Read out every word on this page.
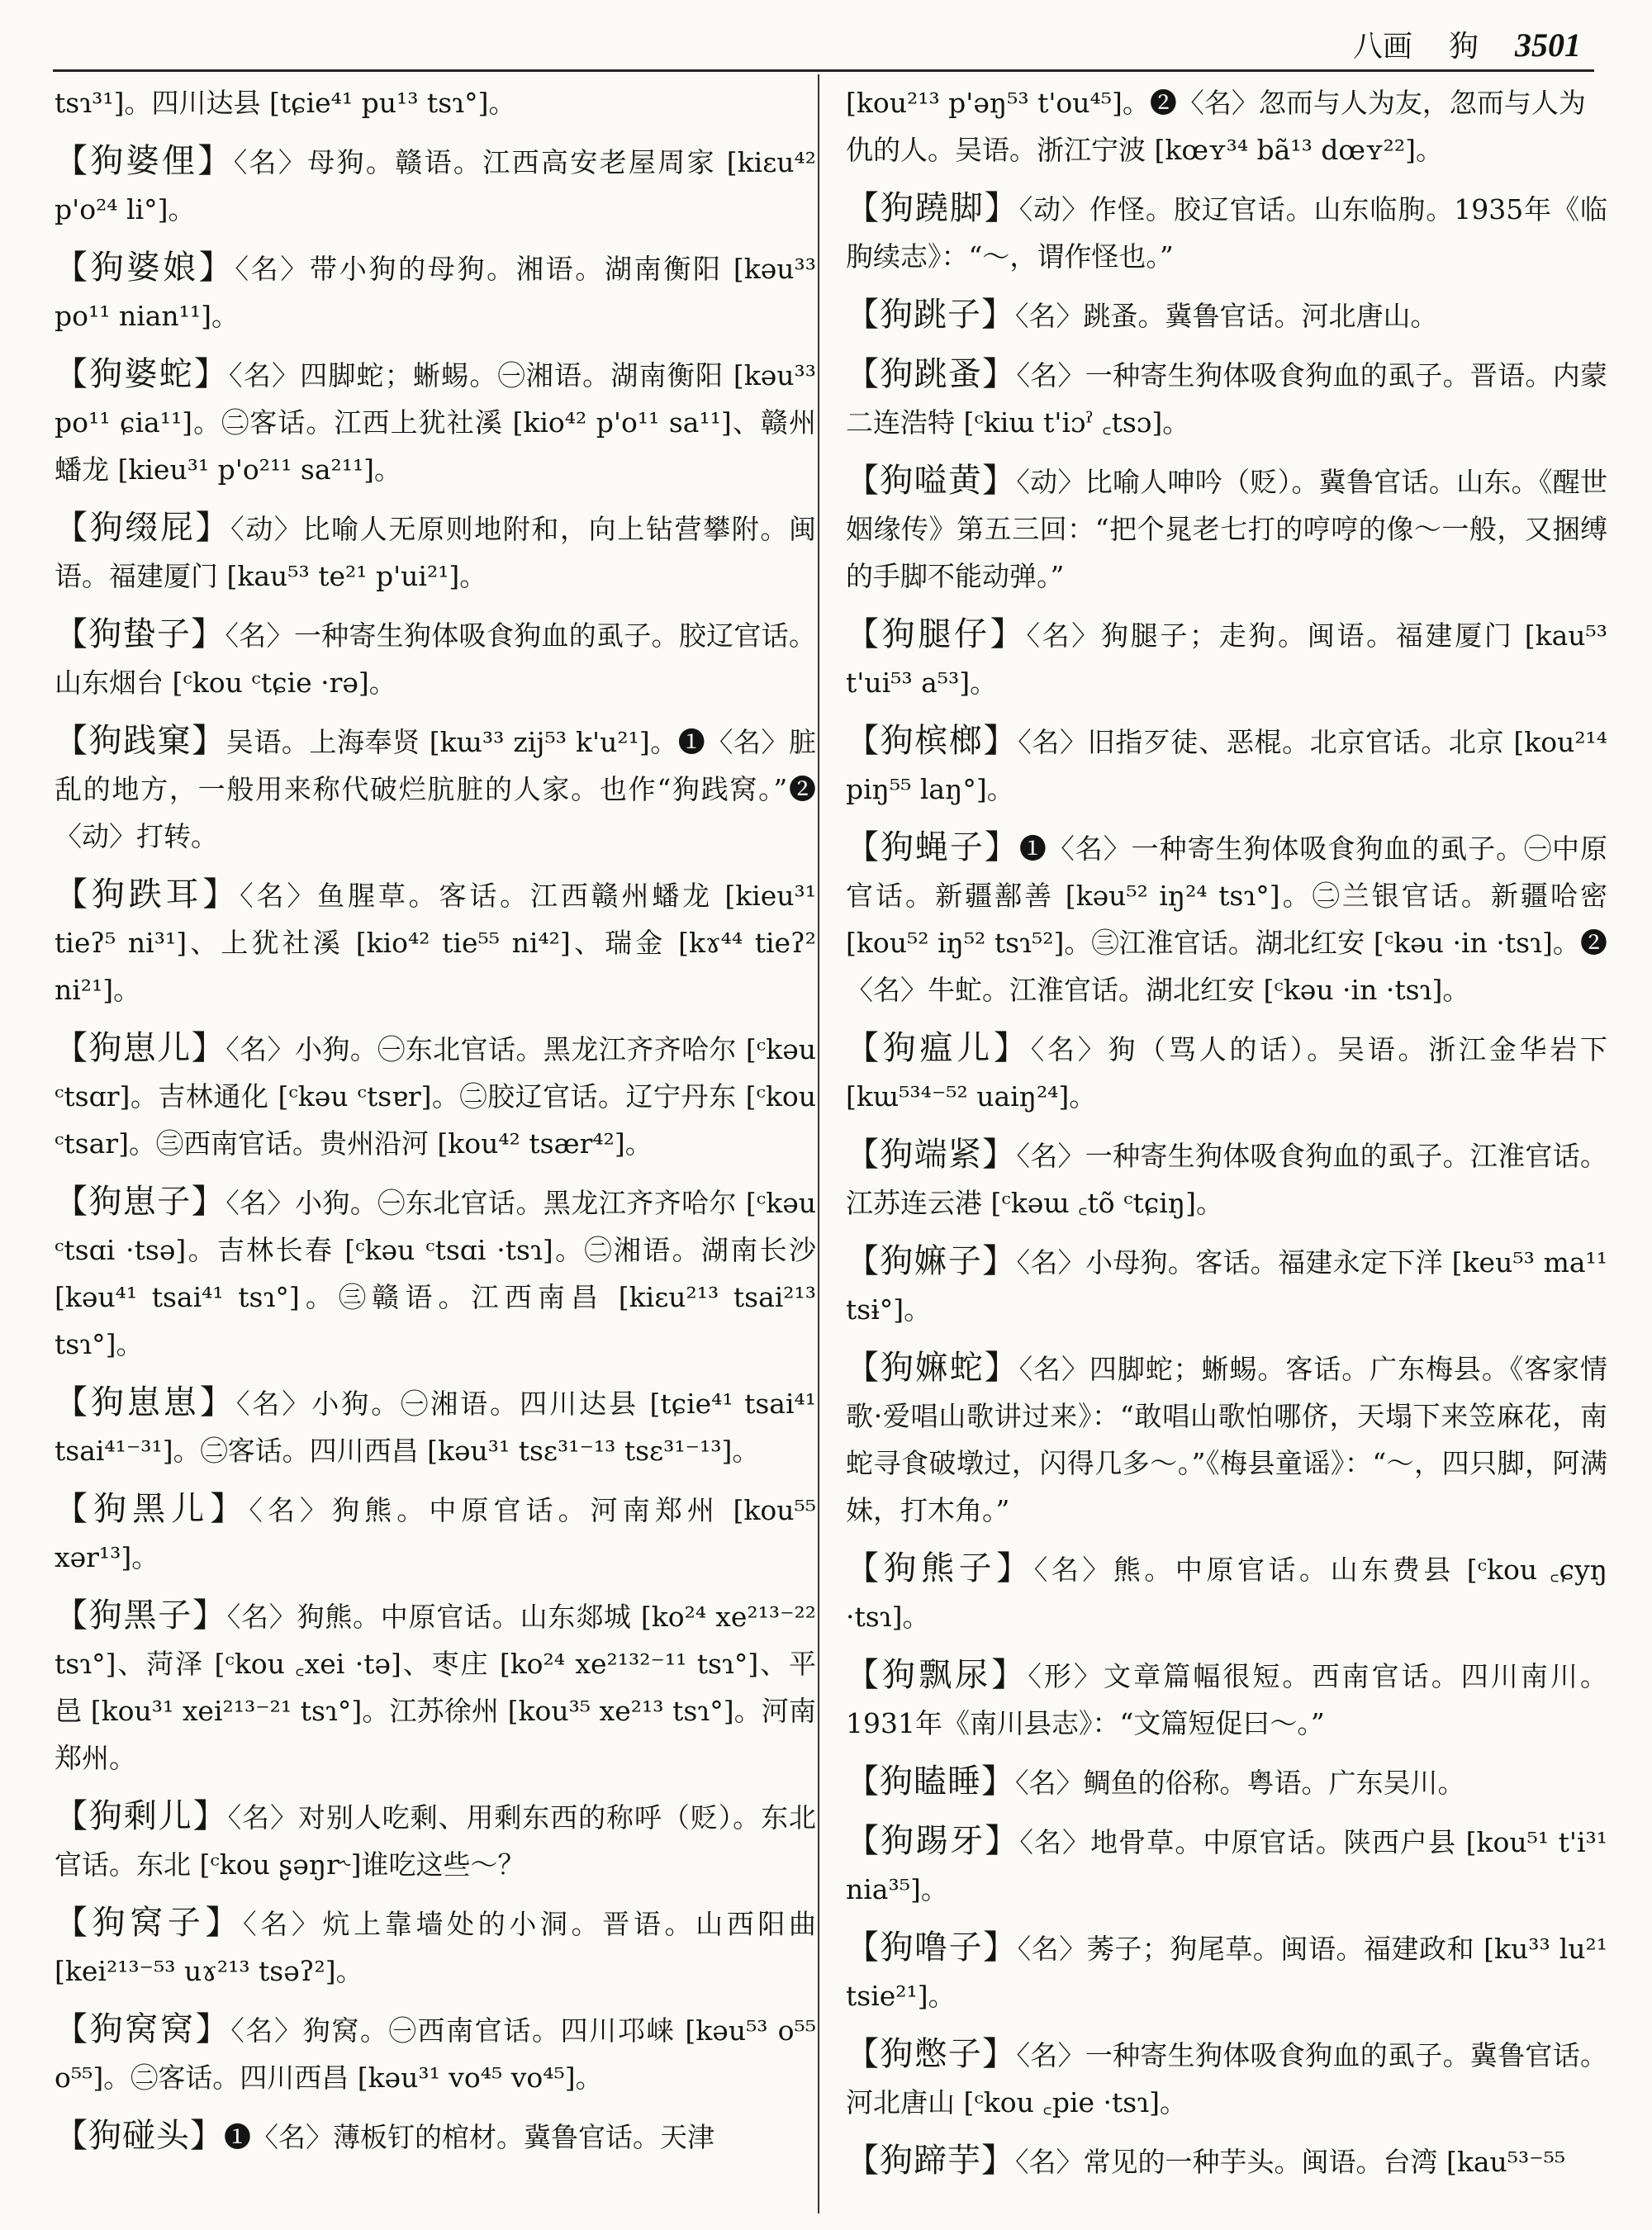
八画 狗 3501
tsɿ³¹]。四川达县 [tɕie⁴¹ pu¹³ tsɿ°]。
【狗婆俚】〈名〉母狗。赣语。江西高安老屋周家 [kiɛu⁴² p'o²⁴ li°]。
【狗婆娘】〈名〉带小狗的母狗。湘语。湖南衡阳 [kəu³³ po¹¹ nian¹¹]。
【狗婆蛇】〈名〉四脚蛇；蜥蜴。㊀湘语。湖南衡阳 [kəu³³ po¹¹ ɕia¹¹]。㊁客话。江西上犹社溪 [kio⁴² p'o¹¹ sa¹¹]、赣州蟠龙 [kieu³¹ p'o²¹¹ sa²¹¹]。
【狗缀屁】〈动〉比喻人无原则地附和，向上钻营攀附。闽语。福建厦门 [kau⁵³ te²¹ p'ui²¹]。
【狗蛰子】〈名〉一种寄生狗体吸食狗血的虱子。胶辽官话。山东烟台 [ᶜkou ᶜtɕie ·rə]。
【狗践窠】吴语。上海奉贤 [kɯ³³ zij⁵³ k'u²¹]。❶〈名〉脏乱的地方，一般用来称代破烂肮脏的人家。也作“狗践窝。”❷〈动〉打转。
【狗跌耳】〈名〉鱼腥草。客话。江西赣州蟠龙 [kieu³¹ tieʔ⁵ ni³¹]、上犹社溪 [kio⁴² tie⁵⁵ ni⁴²]、瑞金 [kɤ⁴⁴ tieʔ² ni²¹]。
【狗崽儿】〈名〉小狗。㊀东北官话。黑龙江齐齐哈尔 [ᶜkəu ᶜtsɑr]。吉林通化 [ᶜkəu ᶜtsɐr]。㊁胶辽官话。辽宁丹东 [ᶜkou ᶜtsar]。㊂西南官话。贵州沿河 [kou⁴² tsær⁴²]。
【狗崽子】〈名〉小狗。㊀东北官话。黑龙江齐齐哈尔 [ᶜkəu ᶜtsɑi ·tsə]。吉林长春 [ᶜkəu ᶜtsɑi ·tsɿ]。㊁湘语。湖南长沙 [kəu⁴¹ tsai⁴¹ tsɿ°]。㊂赣语。江西南昌 [kiɛu²¹³ tsai²¹³ tsɿ°]。
【狗崽崽】〈名〉小狗。㊀湘语。四川达县 [tɕie⁴¹ tsai⁴¹ tsai⁴¹⁻³¹]。㊁客话。四川西昌 [kəu³¹ tsɛ³¹⁻¹³ tsɛ³¹⁻¹³]。
【狗黑儿】〈名〉狗熊。中原官话。河南郑州 [kou⁵⁵ xər¹³]。
【狗黑子】〈名〉狗熊。中原官话。山东郯城 [ko²⁴ xe²¹³⁻²² tsɿ°]、菏泽 [ᶜkou ꜀xei ·tə]、枣庄 [ko²⁴ xe²¹³²⁻¹¹ tsɿ°]、平邑 [kou³¹ xei²¹³⁻²¹ tsɿ°]。江苏徐州 [kou³⁵ xe²¹³ tsɿ°]。河南郑州。
【狗剩儿】〈名〉对别人吃剩、用剩东西的称呼（贬）。东北官话。东北 [ᶜkou ʂəŋr˞]谁吃这些～？
【狗窝子】〈名〉炕上靠墙处的小洞。晋语。山西阳曲 [kei²¹³⁻⁵³ uɤ²¹³ tsəʔ²]。
【狗窝窝】〈名〉狗窝。㊀西南官话。四川邛崃 [kəu⁵³ o⁵⁵ o⁵⁵]。㊁客话。四川西昌 [kəu³¹ vo⁴⁵ vo⁴⁵]。
【狗碰头】❶〈名〉薄板钉的棺材。冀鲁官话。天津
[kou²¹³ p'əŋ⁵³ t'ou⁴⁵]。❷〈名〉忽而与人为友，忽而与人为仇的人。吴语。浙江宁波 [kœʏ³⁴ bã¹³ dœʏ²²]。
【狗蹺脚】〈动〉作怪。胶辽官话。山东临朐。1935年《临朐续志》：“～，谓作怪也。”
【狗跳子】〈名〉跳蚤。冀鲁官话。河北唐山。
【狗跳蚤】〈名〉一种寄生狗体吸食狗血的虱子。晋语。内蒙二连浩特 [ᶜkiɯ t'iɔˀ ꜀tsɔ]。
【狗嗌黄】〈动〉比喻人呻吟（贬）。冀鲁官话。山东。《醒世姻缘传》第五三回：“把个晁老七打的哼哼的像～一般，又捆缚的手脚不能动弹。”
【狗腿仔】〈名〉狗腿子；走狗。闽语。福建厦门 [kau⁵³ t'ui⁵³ a⁵³]。
【狗槟榔】〈名〉旧指歹徒、恶棍。北京官话。北京 [kou²¹⁴ piŋ⁵⁵ laŋ°]。
【狗蝇子】❶〈名〉一种寄生狗体吸食狗血的虱子。㊀中原官话。新疆鄯善 [kəu⁵² iŋ²⁴ tsɿ°]。㊁兰银官话。新疆哈密 [kou⁵² iŋ⁵² tsɿ⁵²]。㊂江淮官话。湖北红安 [ᶜkəu ·in ·tsɿ]。❷〈名〉牛虻。江淮官话。湖北红安 [ᶜkəu ·in ·tsɿ]。
【狗瘟儿】〈名〉狗（骂人的话）。吴语。浙江金华岩下 [kɯ⁵³⁴⁻⁵² uaiŋ²⁴]。
【狗端紧】〈名〉一种寄生狗体吸食狗血的虱子。江淮官话。江苏连云港 [ᶜkəɯ ꜀tõ ᶜtɕiŋ]。
【狗嫲子】〈名〉小母狗。客话。福建永定下洋 [keu⁵³ ma¹¹ tsɨ°]。
【狗嫲蛇】〈名〉四脚蛇；蜥蜴。客话。广东梅县。《客家情歌·爱唱山歌讲过来》：“敢唱山歌怕哪侪，天塌下来笠麻花，南蛇寻食破墩过，闪得几多～。”《梅县童谣》：“～，四只脚，阿满妹，打木角。”
【狗熊子】〈名〉熊。中原官话。山东费县 [ᶜkou ꜀ɕyŋ ·tsɿ]。
【狗飘尿】〈形〉文章篇幅很短。西南官话。四川南川。1931年《南川县志》：“文篇短促曰～。”
【狗瞌睡】〈名〉鲷鱼的俗称。粤语。广东吴川。
【狗踢牙】〈名〉地骨草。中原官话。陕西户县 [kou⁵¹ t'i³¹ nia³⁵]。
【狗噜子】〈名〉莠子；狗尾草。闽语。福建政和 [ku³³ lu²¹ tsie²¹]。
【狗憋子】〈名〉一种寄生狗体吸食狗血的虱子。冀鲁官话。河北唐山 [ᶜkou ꜀pie ·tsɿ]。
【狗蹄芋】〈名〉常见的一种芋头。闽语。台湾 [kau⁵³⁻⁵⁵
